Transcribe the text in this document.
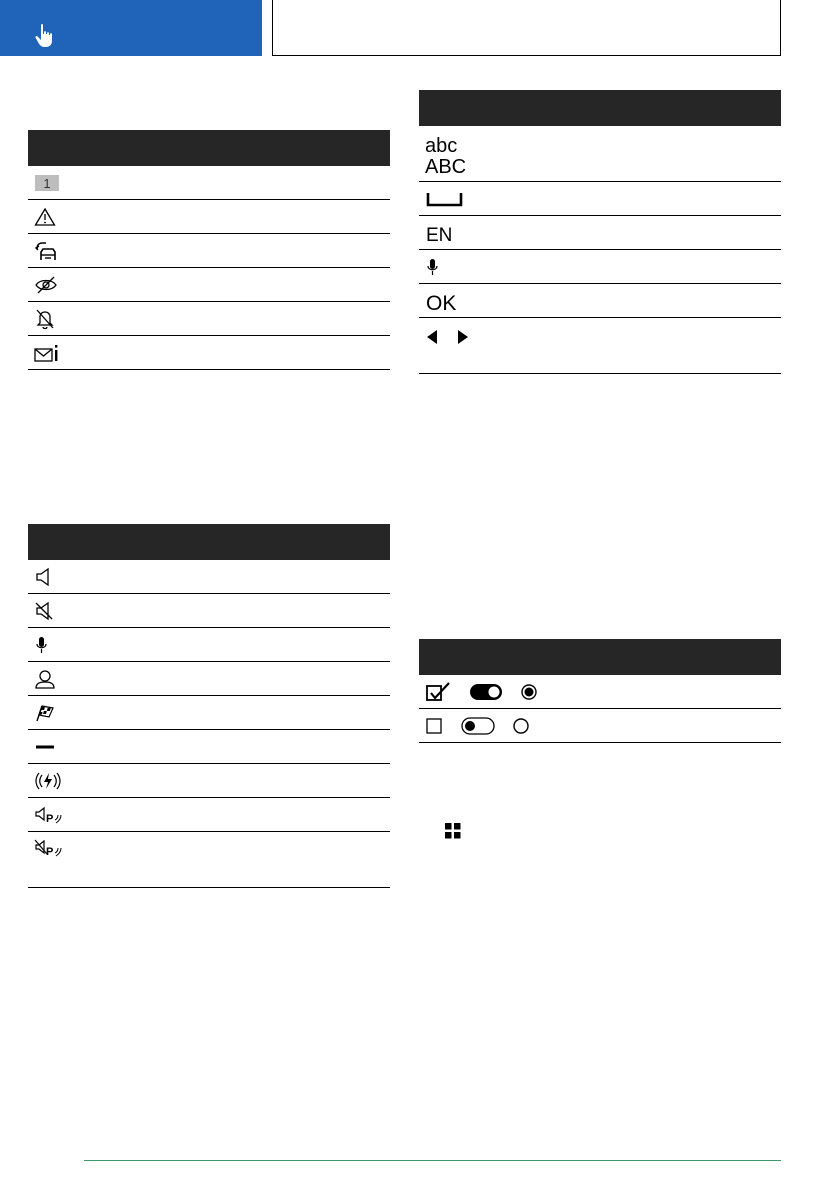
1
P
P
abc
ABC
EN
OK
